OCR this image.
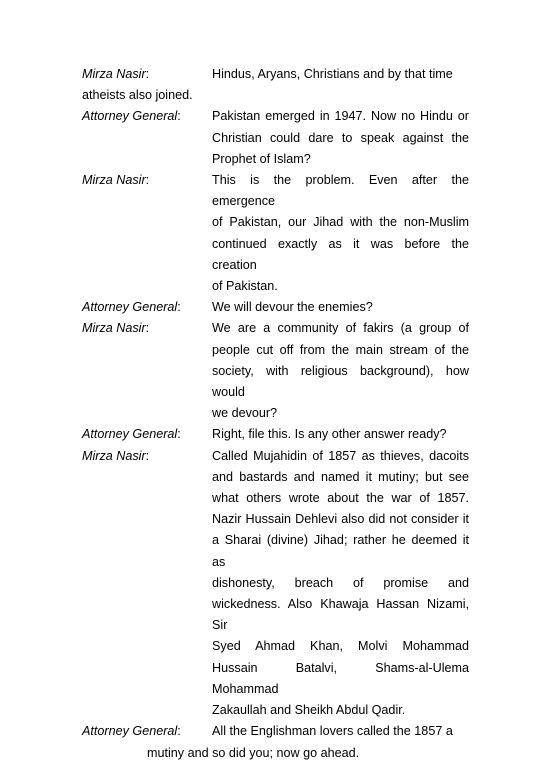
Mirza Nasir:	Hindus, Aryans, Christians and by that time
atheists also joined.
Attorney General: Pakistan emerged in 1947. Now no Hindu or
Christian could dare to speak against the
Prophet of Islam?
Mirza Nasir:	This is the problem. Even after the emergence
of Pakistan, our Jihad with the non-Muslim
continued exactly as it was before the creation
of Pakistan.
Attorney General: We will devour the enemies?
Mirza Nasir:	We are a community of fakirs (a group of
people cut off from the main stream of the
society, with religious background), how would
we devour?
Attorney General: Right, file this. Is any other answer ready?
Mirza Nasir:	Called Mujahidin of 1857 as thieves, dacoits
and bastards and named it mutiny; but see
what others wrote about the war of 1857.
Nazir Hussain Dehlevi also did not consider it
a Sharai (divine) Jihad; rather he deemed it as
dishonesty, breach of promise and
wickedness. Also Khawaja Hassan Nizami, Sir
Syed Ahmad Khan, Molvi Mohammad
Hussain Batalvi, Shams-al-Ulema Mohammad
Zakaullah and Sheikh Abdul Qadir.
Attorney General: All the Englishman lovers called the 1857 a
mutiny and so did you; now go ahead.
